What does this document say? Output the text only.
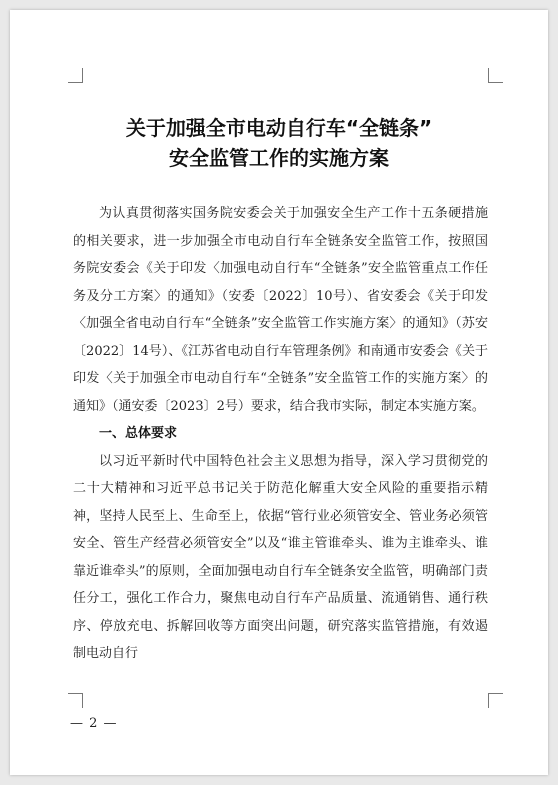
关于加强全市电动自行车“全链条”
安全监管工作的实施方案

为认真贯彻落实国务院安委会关于加强安全生产工作十五条硬措施的相关要求，进一步加强全市电动自行车全链条安全监管工作，按照国务院安委会《关于印发〈加强电动自行车“全链条”安全监管重点工作任务及分工方案〉的通知》（安委〔2022〕10号）、省安委会《关于印发〈加强全省电动自行车“全链条”安全监管工作实施方案〉的通知》（苏安〔2022〕14号）、《江苏省电动自行车管理条例》和南通市安委会《关于印发〈关于加强全市电动自行车“全链条”安全监管工作的实施方案〉的通知》（通安委〔2023〕2号）要求，结合我市实际，制定本实施方案。

一、总体要求

以习近平新时代中国特色社会主义思想为指导，深入学习贯彻党的二十大精神和习近平总书记关于防范化解重大安全风险的重要指示精神，坚持人民至上、生命至上，依据“管行业必须管安全、管业务必须管安全、管生产经营必须管安全”以及“谁主管谁牵头、谁为主谁牵头、谁靠近谁牵头”的原则，全面加强电动自行车全链条安全监管，明确部门责任分工，强化工作合力，聚焦电动自行车产品质量、流通销售、通行秩序、停放充电、拆解回收等方面突出问题，研究落实监管措施，有效遏制电动自行

— 2 —
